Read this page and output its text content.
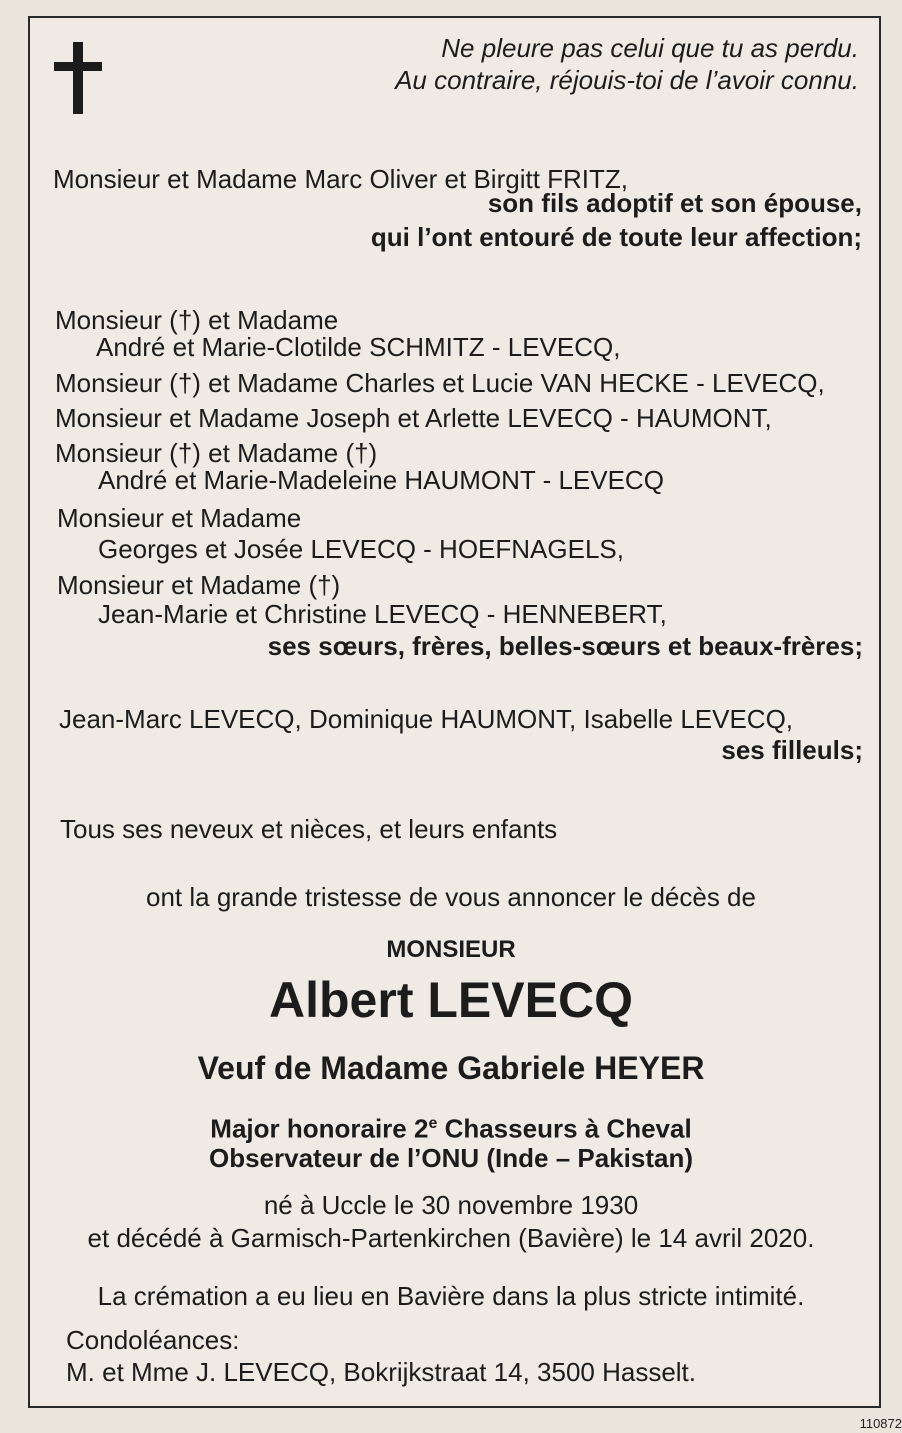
Ne pleure pas celui que tu as perdu.
Au contraire, réjouis-toi de l’avoir connu.
Monsieur et Madame Marc Oliver et Birgitt FRITZ,
son fils adoptif et son épouse,
qui l’ont entouré de toute leur affection;
Monsieur (†) et Madame
André et Marie-Clotilde SCHMITZ - LEVECQ,
Monsieur (†) et Madame Charles et Lucie VAN HECKE - LEVECQ,
Monsieur et Madame Joseph et Arlette LEVECQ - HAUMONT,
Monsieur (†) et Madame (†)
André et Marie-Madeleine HAUMONT - LEVECQ
Monsieur et Madame
Georges et Josée LEVECQ - HOEFNAGELS,
Monsieur et Madame (†)
Jean-Marie et Christine LEVECQ - HENNEBERT,
ses sœurs, frères, belles-sœurs et beaux-frères;
Jean-Marc LEVECQ, Dominique HAUMONT, Isabelle LEVECQ,
ses filleuls;
Tous ses neveux et nièces, et leurs enfants
ont la grande tristesse de vous annoncer le décès de
MONSIEUR
Albert LEVECQ
Veuf de Madame Gabriele HEYER
Major honoraire 2e Chasseurs à Cheval
Observateur de l’ONU (Inde – Pakistan)
né à Uccle le 30 novembre 1930
et décédé à Garmisch-Partenkirchen (Bavière) le 14 avril 2020.
La crémation a eu lieu en Bavière dans la plus stricte intimité.
Condoléances:
M. et Mme J. LEVECQ, Bokrijkstraat 14, 3500 Hasselt.
110872
